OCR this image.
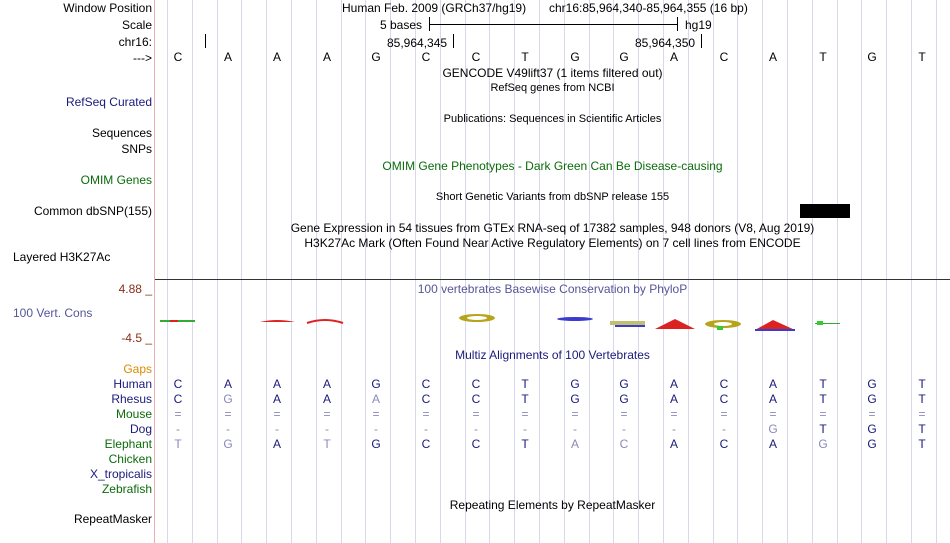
Window Position
Scale
chr16:
--->
RefSeq Curated
Sequences
SNPs
OMIM Genes
Common dbSNP(155)
Layered H3K27Ac
4.88 _
100 Vert. Cons
-4.5 _
Gaps
RepeatMasker
Human Feb. 2009 (GRCh37/hg19) chr16:85,964,340-85,964,355 (16 bp)
5 bases	hg19
85,964,345	85,964,350
C	A	A	A	G	C	C	T	G	G	A	C	A	T	G	T
GENCODE V49lift37 (1 items filtered out)
RefSeq genes from NCBI
Publications: Sequences in Scientific Articles
OMIM Gene Phenotypes - Dark Green Can Be Disease-causing
Short Genetic Variants from dbSNP release 155
Gene Expression in 54 tissues from GTEx RNA-seq of 17382 samples, 948 donors (V8, Aug 2019)
H3K27Ac Mark (Often Found Near Active Regulatory Elements) on 7 cell lines from ENCODE
100 vertebrates Basewise Conservation by PhyloP
Multiz Alignments of 100 Vertebrates
Human	C	A	A	A	G	C	C	T	G	G	A	C	A	T	G	T
Rhesus	C	G	A	A	A	C	C	T	G	G	A	C	A	T	G	T
Mouse	=	=	=	=	=	=	=	=	=	=	=	=	=	=	=	=
Dog	-	-	-	-	-	-	-	-	-	-	-	-	G	T	G	T
Elephant	T	G	A	T	G	C	C	T	A	C	A	C	A	G	G	T
Chicken
X_tropicalis
Zebrafish
Repeating Elements by RepeatMasker
